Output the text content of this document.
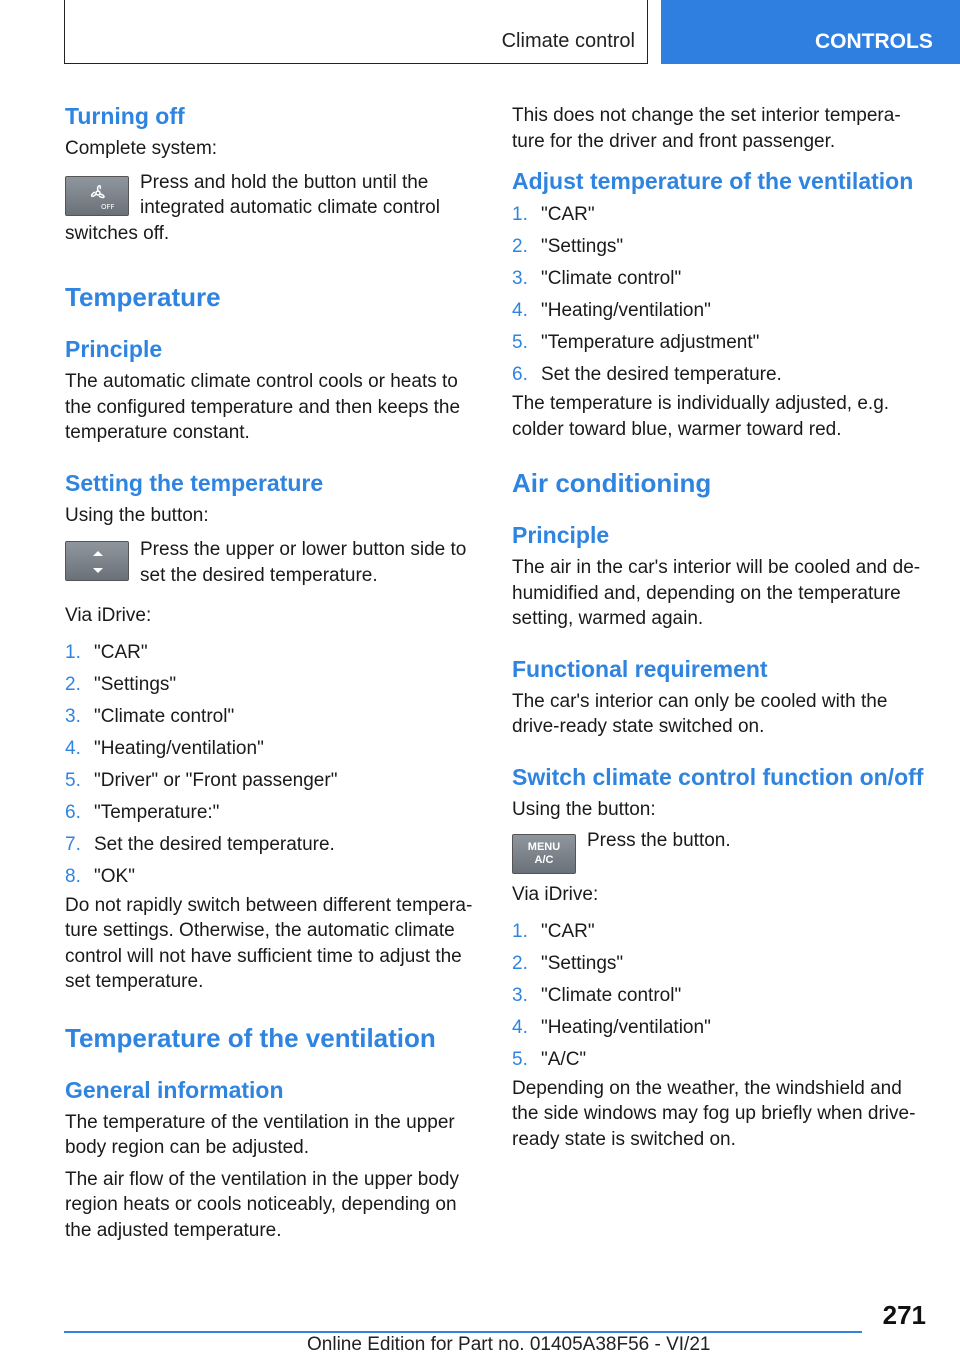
Climate control	CONTROLS
Turning off

Complete system:

OFF

Press and hold the button until the

integrated automatic climate control

switches off.

Temperature
Principle

The automatic climate control cools or heats to the configured temperature and then keeps the temperature constant.

Setting the temperature

Using the button:

Press the upper or lower button side to set the desired temperature.

Via iDrive:

1. "CAR"
2. "Settings"
3. "Climate control"
4. "Heating/ventilation"
5. "Driver" or "Front passenger"
6. "Temperature:"
7. Set the desired temperature.
8. "OK"

Do not rapidly switch between different tempera-ture settings. Otherwise, the automatic climate control will not have sufficient time to adjust the set temperature.

Temperature of the ventilation
General information

The temperature of the ventilation in the upper body region can be adjusted.

The air flow of the ventilation in the upper body region heats or cools noticeably, depending on the adjusted temperature.

This does not change the set interior tempera-ture for the driver and front passenger.

Adjust temperature of the ventilation
1. "CAR"
2. "Settings"
3. "Climate control"
4. "Heating/ventilation"
5. "Temperature adjustment"
6. Set the desired temperature.

The temperature is individually adjusted, e.g. colder toward blue, warmer toward red.

Air conditioning
Principle

The air in the car's interior will be cooled and de-humidified and, depending on the temperature setting, warmed again.

Functional requirement

The car's interior can only be cooled with the drive-ready state switched on.

Switch climate control function on/off

Using the button:

MENU
A/C

Press the button.

Via iDrive:

1. "CAR"
2. "Settings"
3. "Climate control"
4. "Heating/ventilation"
5. "A/C"

Depending on the weather, the windshield and the side windows may fog up briefly when drive-ready state is switched on.

271
Online Edition for Part no. 01405A38F56 - VI/21
